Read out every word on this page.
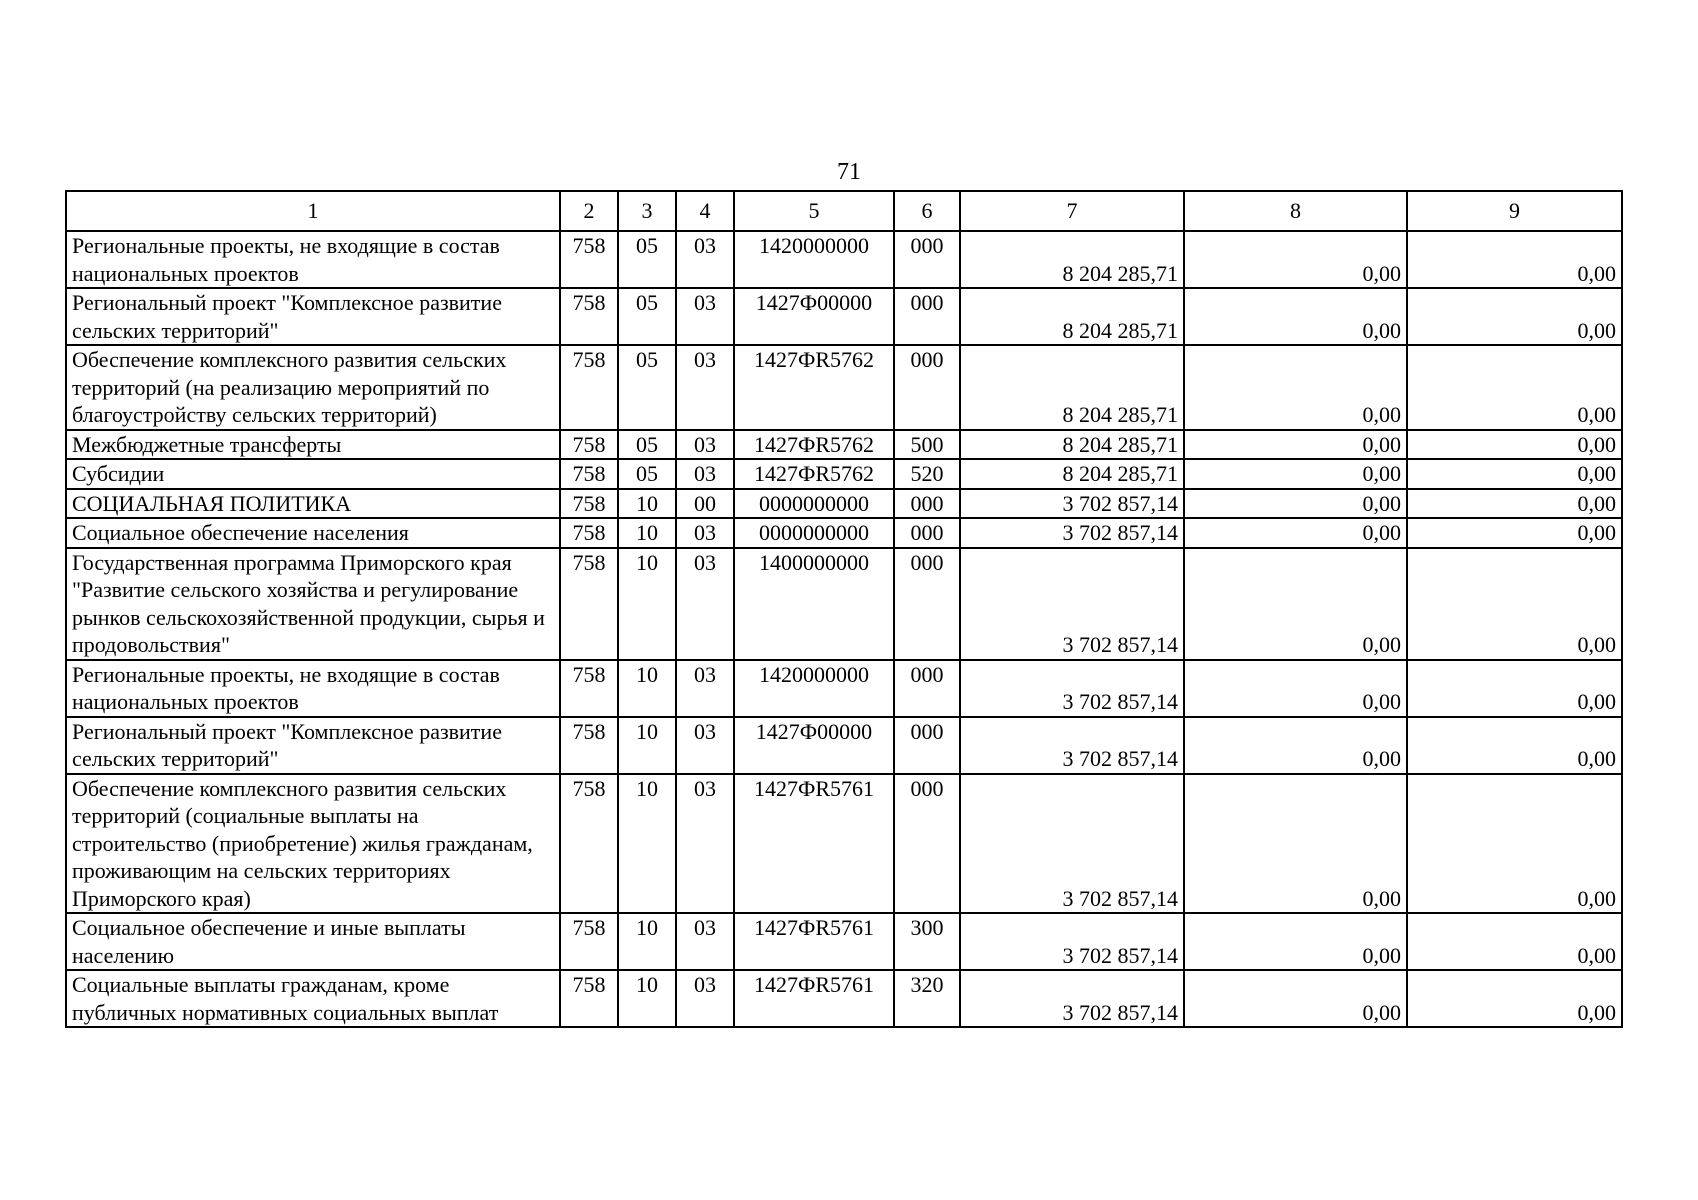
71
1	2	3	4	5	6	7	8	9
Региональные проекты, не входящие в состав национальных проектов	758	05	03	1420000000	000	8 204 285,71	0,00	0,00
Региональный проект "Комплексное развитие сельских территорий"	758	05	03	1427Ф00000	000	8 204 285,71	0,00	0,00
Обеспечение комплексного развития сельских территорий (на реализацию мероприятий по благоустройству сельских территорий)	758	05	03	1427ФR5762	000	8 204 285,71	0,00	0,00
Межбюджетные трансферты	758	05	03	1427ФR5762	500	8 204 285,71	0,00	0,00
Субсидии	758	05	03	1427ФR5762	520	8 204 285,71	0,00	0,00
СОЦИАЛЬНАЯ ПОЛИТИКА	758	10	00	0000000000	000	3 702 857,14	0,00	0,00
Социальное обеспечение населения	758	10	03	0000000000	000	3 702 857,14	0,00	0,00
Государственная программа Приморского края "Развитие сельского хозяйства и регулирование рынков сельскохозяйственной продукции, сырья и продовольствия"	758	10	03	1400000000	000	3 702 857,14	0,00	0,00
Региональные проекты, не входящие в состав национальных проектов	758	10	03	1420000000	000	3 702 857,14	0,00	0,00
Региональный проект "Комплексное развитие сельских территорий"	758	10	03	1427Ф00000	000	3 702 857,14	0,00	0,00
Обеспечение комплексного развития сельских территорий (социальные выплаты на строительство (приобретение) жилья гражданам, проживающим на сельских территориях Приморского края)	758	10	03	1427ФR5761	000	3 702 857,14	0,00	0,00
Социальное обеспечение и иные выплаты населению	758	10	03	1427ФR5761	300	3 702 857,14	0,00	0,00
Социальные выплаты гражданам, кроме публичных нормативных социальных выплат	758	10	03	1427ФR5761	320	3 702 857,14	0,00	0,00
